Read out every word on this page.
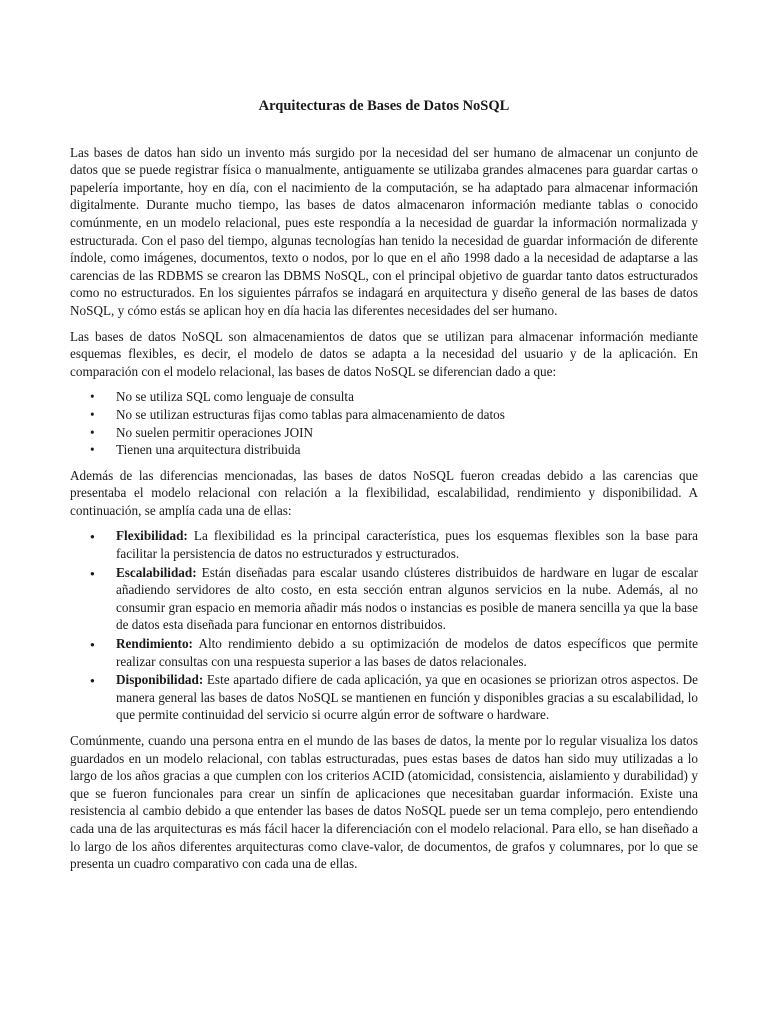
Arquitecturas de Bases de Datos NoSQL

Las bases de datos han sido un invento más surgido por la necesidad del ser humano de almacenar un conjunto de datos que se puede registrar física o manualmente, antiguamente se utilizaba grandes almacenes para guardar cartas o papelería importante, hoy en día, con el nacimiento de la computación, se ha adaptado para almacenar información digitalmente. Durante mucho tiempo, las bases de datos almacenaron información mediante tablas o conocido comúnmente, en un modelo relacional, pues este respondía a la necesidad de guardar la información normalizada y estructurada. Con el paso del tiempo, algunas tecnologías han tenido la necesidad de guardar información de diferente índole, como imágenes, documentos, texto o nodos, por lo que en el año 1998 dado a la necesidad de adaptarse a las carencias de las RDBMS se crearon las DBMS NoSQL, con el principal objetivo de guardar tanto datos estructurados como no estructurados. En los siguientes párrafos se indagará en arquitectura y diseño general de las bases de datos NoSQL, y cómo estás se aplican hoy en día hacia las diferentes necesidades del ser humano.

Las bases de datos NoSQL son almacenamientos de datos que se utilizan para almacenar información mediante esquemas flexibles, es decir, el modelo de datos se adapta a la necesidad del usuario y de la aplicación. En comparación con el modelo relacional, las bases de datos NoSQL se diferencian dado a que:

• No se utiliza SQL como lenguaje de consulta
• No se utilizan estructuras fijas como tablas para almacenamiento de datos
• No suelen permitir operaciones JOIN
• Tienen una arquitectura distribuida

Además de las diferencias mencionadas, las bases de datos NoSQL fueron creadas debido a las carencias que presentaba el modelo relacional con relación a la flexibilidad, escalabilidad, rendimiento y disponibilidad. A continuación, se amplía cada una de ellas:

● Flexibilidad: La flexibilidad es la principal característica, pues los esquemas flexibles son la base para facilitar la persistencia de datos no estructurados y estructurados.
● Escalabilidad: Están diseñadas para escalar usando clústeres distribuidos de hardware en lugar de escalar añadiendo servidores de alto costo, en esta sección entran algunos servicios en la nube. Además, al no consumir gran espacio en memoria añadir más nodos o instancias es posible de manera sencilla ya que la base de datos esta diseñada para funcionar en entornos distribuidos.
● Rendimiento: Alto rendimiento debido a su optimización de modelos de datos específicos que permite realizar consultas con una respuesta superior a las bases de datos relacionales.
● Disponibilidad: Este apartado difiere de cada aplicación, ya que en ocasiones se priorizan otros aspectos. De manera general las bases de datos NoSQL se mantienen en función y disponibles gracias a su escalabilidad, lo que permite continuidad del servicio si ocurre algún error de software o hardware.

Comúnmente, cuando una persona entra en el mundo de las bases de datos, la mente por lo regular visualiza los datos guardados en un modelo relacional, con tablas estructuradas, pues estas bases de datos han sido muy utilizadas a lo largo de los años gracias a que cumplen con los criterios ACID (atomicidad, consistencia, aislamiento y durabilidad) y que se fueron funcionales para crear un sinfín de aplicaciones que necesitaban guardar información. Existe una resistencia al cambio debido a que entender las bases de datos NoSQL puede ser un tema complejo, pero entendiendo cada una de las arquitecturas es más fácil hacer la diferenciación con el modelo relacional. Para ello, se han diseñado a lo largo de los años diferentes arquitecturas como clave-valor, de documentos, de grafos y columnares, por lo que se presenta un cuadro comparativo con cada una de ellas.
